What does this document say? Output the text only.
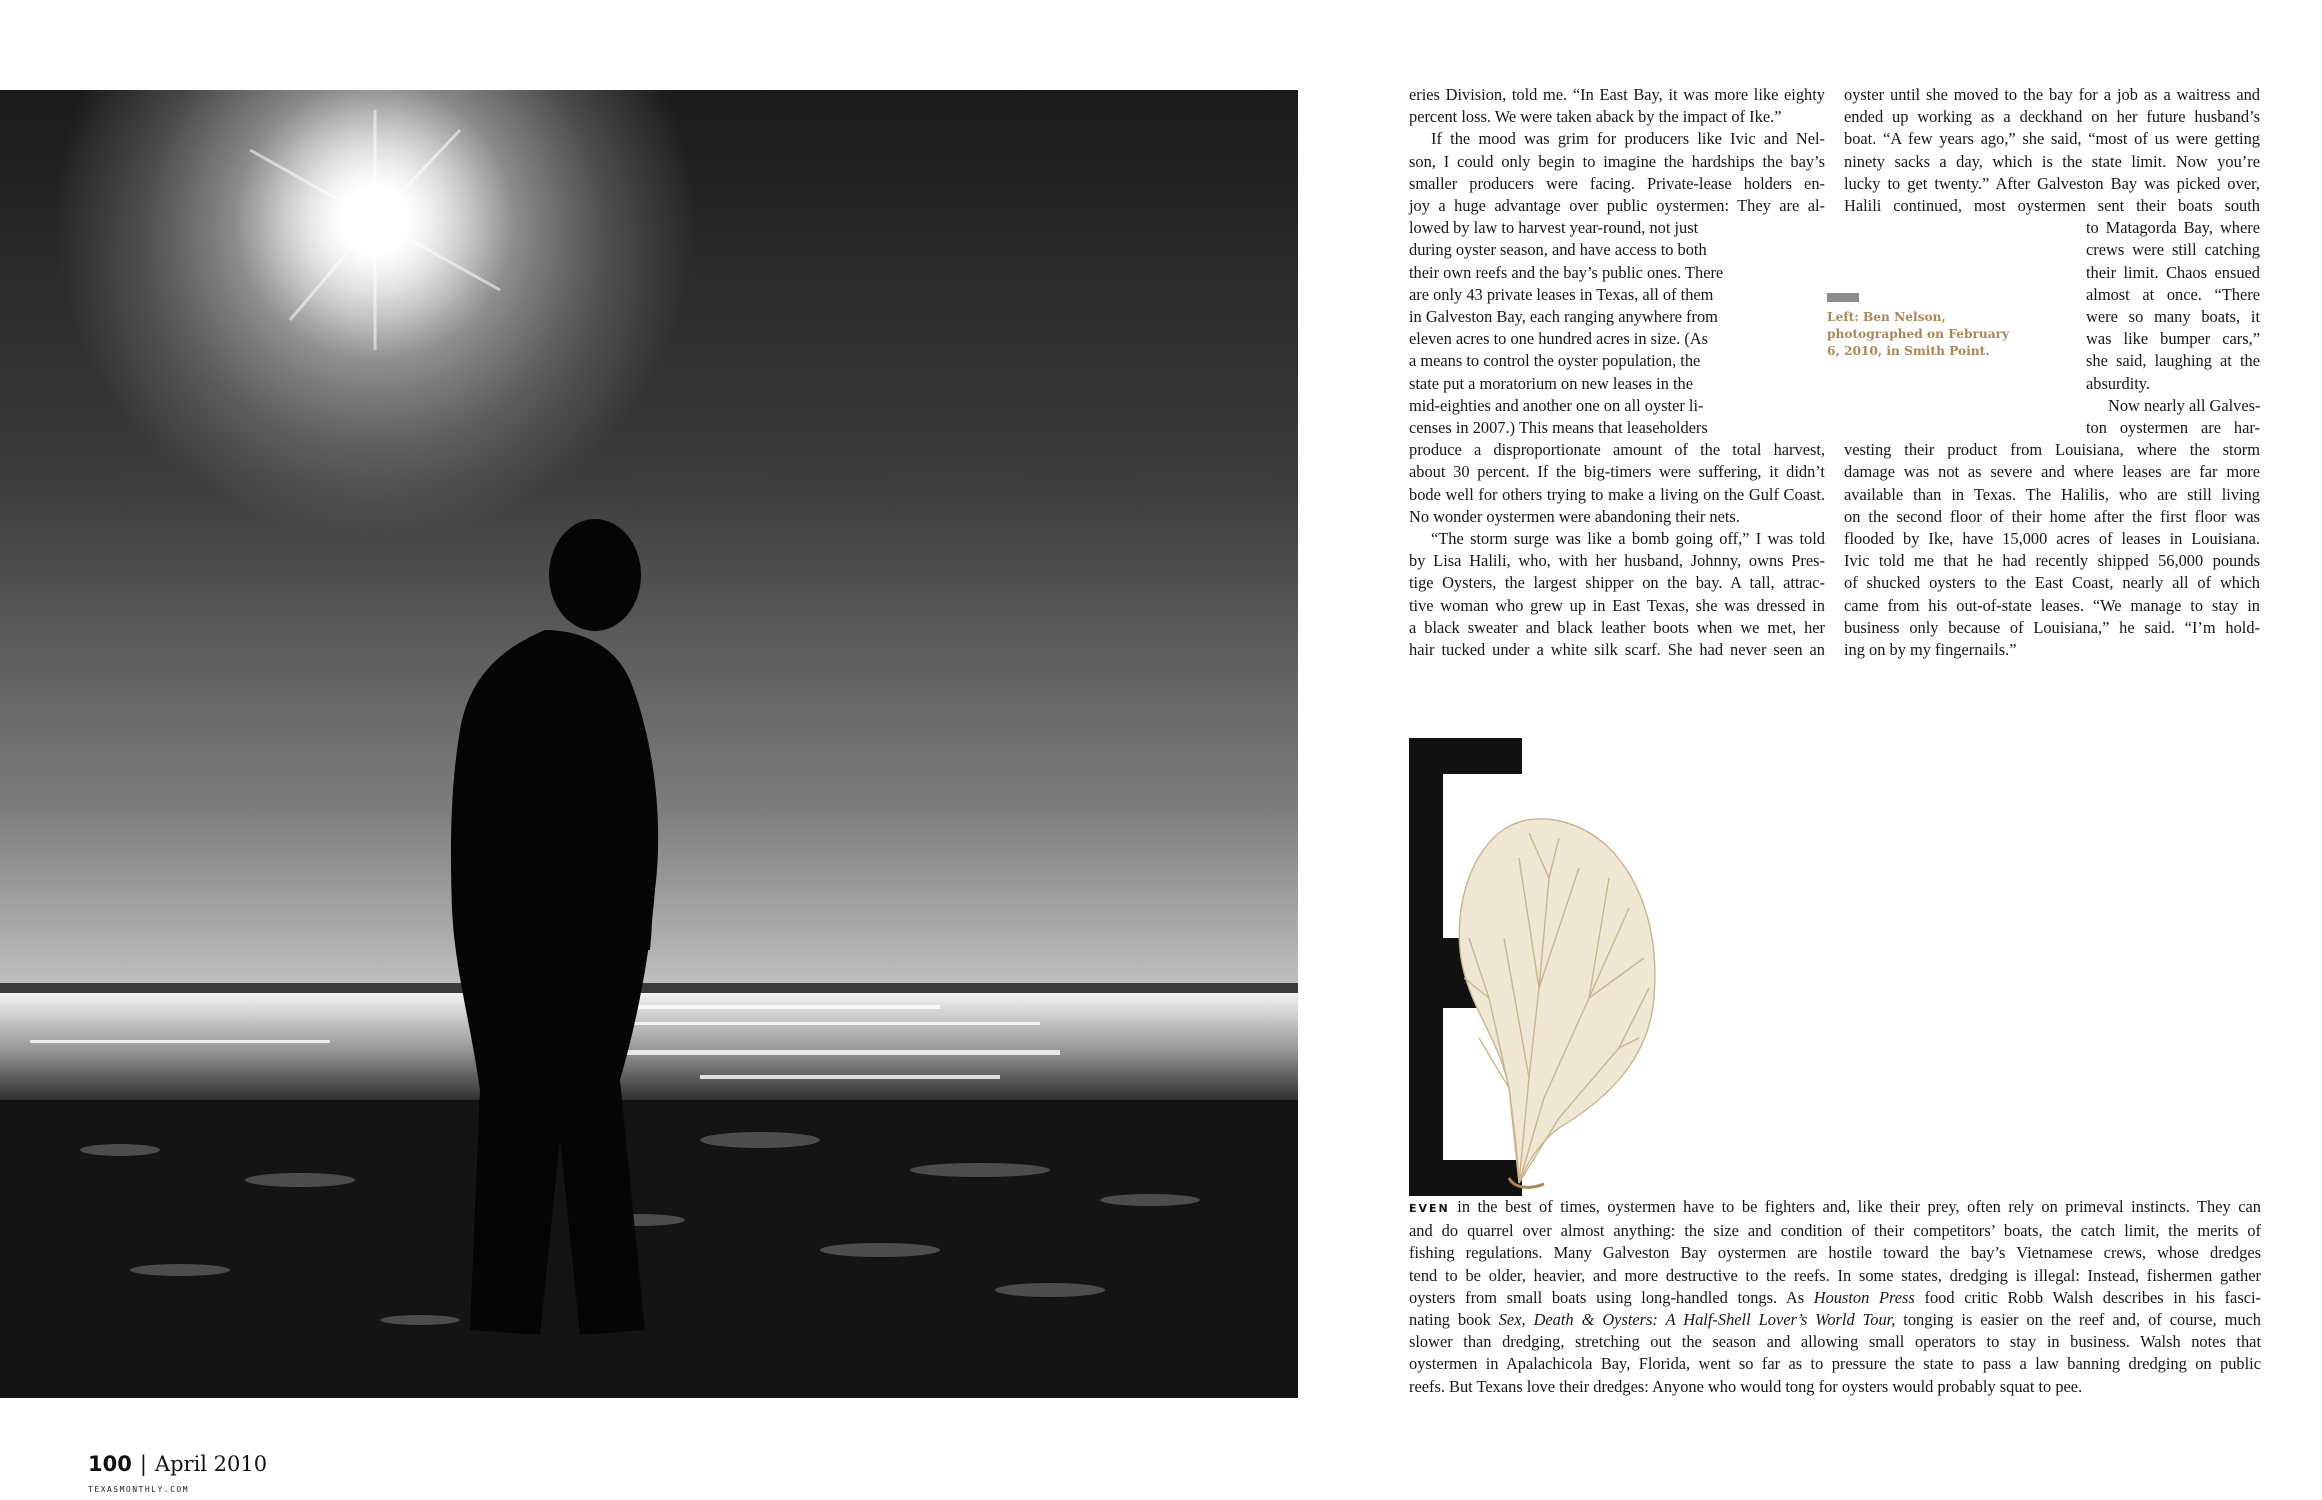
100 | April 2010
TEXASMONTHLY.COM
eries Division, told me. “In East Bay, it was more like eighty
percent loss. We were taken aback by the impact of Ike.”
If the mood was grim for producers like Ivic and Nel-
son, I could only begin to imagine the hardships the bay’s
smaller producers were facing. Private-lease holders en-
joy a huge advantage over public oystermen: They are al-
lowed by law to harvest year-round, not just
during oyster season, and have access to both
their own reefs and the bay’s public ones. There
are only 43 private leases in Texas, all of them
in Galveston Bay, each ranging anywhere from
eleven acres to one hundred acres in size. (As
a means to control the oyster population, the
state put a moratorium on new leases in the
mid-eighties and another one on all oyster li-
censes in 2007.) This means that leaseholders
produce a disproportionate amount of the total harvest,
about 30 percent. If the big-timers were suffering, it didn’t
bode well for others trying to make a living on the Gulf Coast.
No wonder oystermen were abandoning their nets.
“The storm surge was like a bomb going off,” I was told
by Lisa Halili, who, with her husband, Johnny, owns Pres-
tige Oysters, the largest shipper on the bay. A tall, attrac-
tive woman who grew up in East Texas, she was dressed in
a black sweater and black leather boots when we met, her
hair tucked under a white silk scarf. She had never seen an
oyster until she moved to the bay for a job as a waitress and
ended up working as a deckhand on her future husband’s
boat. “A few years ago,” she said, “most of us were getting
ninety sacks a day, which is the state limit. Now you’re
lucky to get twenty.” After Galveston Bay was picked over,
Halili continued, most oystermen sent their boats south
to Matagorda Bay, where
crews were still catching
their limit. Chaos ensued
almost at once. “There
were so many boats, it
was like bumper cars,”
she said, laughing at the
absurdity.
Now nearly all Galves-
ton oystermen are har-
vesting their product from Louisiana, where the storm
damage was not as severe and where leases are far more
available than in Texas. The Halilis, who are still living
on the second floor of their home after the first floor was
flooded by Ike, have 15,000 acres of leases in Louisiana.
Ivic told me that he had recently shipped 56,000 pounds
of shucked oysters to the East Coast, nearly all of which
came from his out-of-state leases. “We manage to stay in
business only because of Louisiana,” he said. “I’m hold-
ing on by my fingernails.”
Left: Ben Nelson,
photographed on February
6, 2010, in Smith Point.
EVEN in the best of times, oystermen have to be fighters and, like their prey, often rely on primeval instincts. They can
and do quarrel over almost anything: the size and condition of their competitors’ boats, the catch limit, the merits of
fishing regulations. Many Galveston Bay oystermen are hostile toward the bay’s Vietnamese crews, whose dredges
tend to be older, heavier, and more destructive to the reefs. In some states, dredging is illegal: Instead, fishermen gather
oysters from small boats using long-handled tongs. As Houston Press food critic Robb Walsh describes in his fasci-
nating book Sex, Death & Oysters: A Half-Shell Lover’s World Tour, tonging is easier on the reef and, of course, much
slower than dredging, stretching out the season and allowing small operators to stay in business. Walsh notes that
oystermen in Apalachicola Bay, Florida, went so far as to pressure the state to pass a law banning dredging on public
reefs. But Texans love their dredges: Anyone who would tong for oysters would probably squat to pee.
